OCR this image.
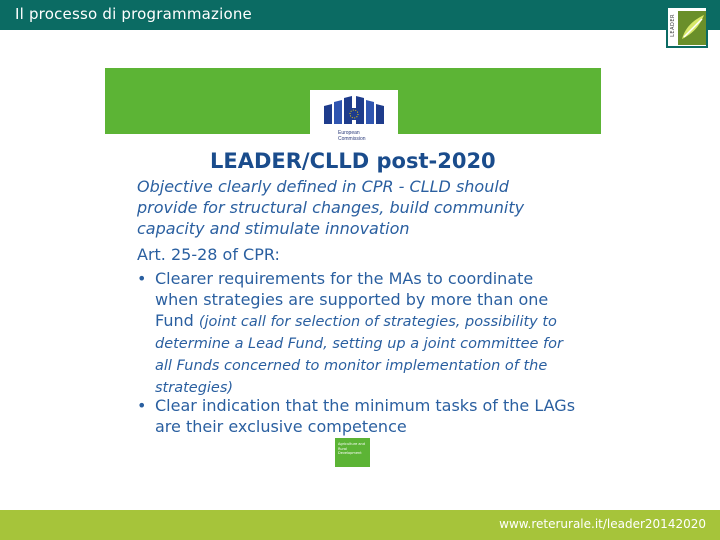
Il processo di programmazione	LEADER
European Commission
LEADER/CLLD post-2020
Objective clearly defined in CPR - CLLD should provide for structural changes, build community capacity and stimulate innovation
Art. 25-28 of CPR:
• Clearer requirements for the MAs to coordinate when strategies are supported by more than one Fund (joint call for selection of strategies, possibility to determine a Lead Fund, setting up a joint committee for all Funds concerned to monitor implementation of the strategies)
• Clear indication that the minimum tasks of the LAGs are their exclusive competence
Agriculture and Rural Development
www.reterurale.it/leader20142020
